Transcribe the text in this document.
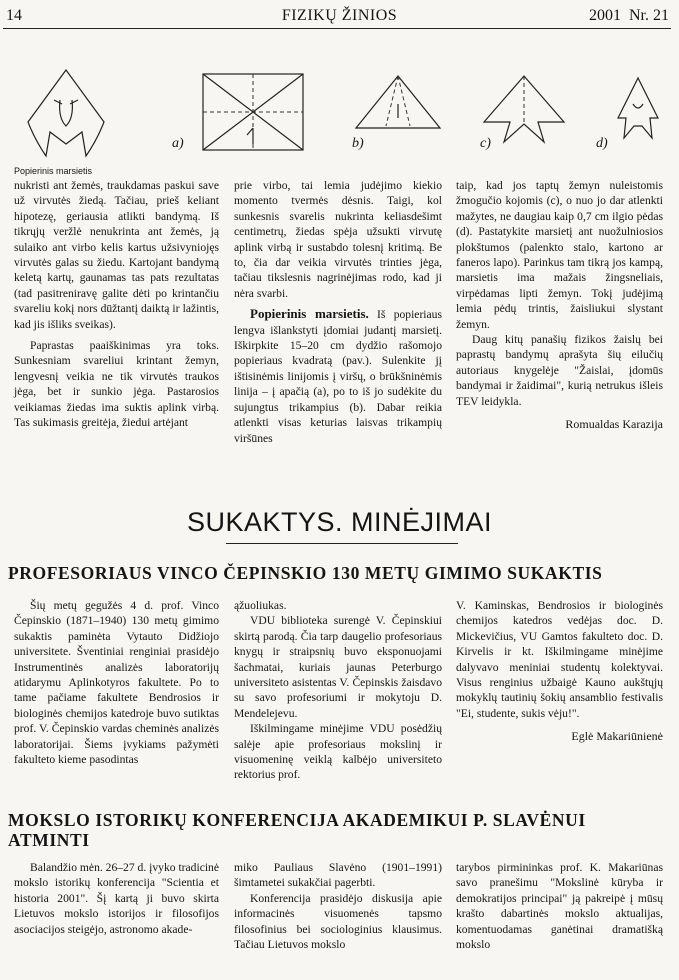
14	FIZIKŲ ŽINIOS	2001  Nr. 21
a)	b)	c)	d)
Popierinis marsietis

nukristi ant žemės, traukdamas paskui save už virvutės žiedą. Tačiau, prieš keliant hipotezę, geriausia atlikti bandymą. Iš tikrųjų veržlė nenukrinta ant žemės, ją sulaiko ant virbo kelis kartus užsivyniojęs virvutės galas su žiedu. Kartojant bandymą keletą kartų, gaunamas tas pats rezultatas (tad pasitreniravę galite dėti po krintančiu svareliu kokį nors dūžtantį daiktą ir lažintis, kad jis išliks sveikas).

Paprastas paaiškinimas yra toks. Sunkesniam svareliui krintant žemyn, lengvesnį veikia ne tik virvutės traukos jėga, bet ir sunkio jėga. Pastarosios veikiamas žiedas ima suktis aplink virbą. Tas sukimasis greitėja, žiedui artėjant

prie virbo, tai lemia judėjimo kiekio momento tvermės dėsnis. Taigi, kol sunkesnis svarelis nukrinta keliasdešimt centimetrų, žiedas spėja užsukti virvutę aplink virbą ir sustabdo tolesnį kritimą. Be to, čia dar veikia virvutės trinties jėga, tačiau tikslesnis nagrinėjimas rodo, kad ji nėra svarbi.

Popierinis marsietis. Iš popieriaus lengva išlankstyti įdomiai judantį marsietį. Iškirpkite 15–20 cm dydžio rašomojo popieriaus kvadratą (pav.). Sulenkite jį ištisinėmis linijomis į viršų, o brūkšninėmis linija – į apačią (a), po to iš jo sudėkite du sujungtus trikampius (b). Dabar reikia atlenkti visas keturias laisvas trikampių viršūnes

taip, kad jos taptų žemyn nuleistomis žmogučio kojomis (c), o nuo jo dar atlenkti mažytes, ne daugiau kaip 0,7 cm ilgio pėdas (d). Pastatykite marsietį ant nuožulniosios plokštumos (palenkto stalo, kartono ar faneros lapo). Parinkus tam tikrą jos kampą, marsietis ima mažais žingsneliais, virpėdamas lipti žemyn. Tokį judėjimą lemia pėdų trintis, žaisliukui slystant žemyn.

Daug kitų panašių fizikos žaislų bei paprastų bandymų aprašyta šių eilučių autoriaus knygelėje "Žaislai, įdomūs bandymai ir žaidimai", kurią netrukus išleis TEV leidykla.

Romualdas Karazija
SUKAKTYS. MINĖJIMAI
PROFESORIAUS VINCO ČEPINSKIO 130 METŲ GIMIMO SUKAKTIS

Šių metų gegužės 4 d. prof. Vinco Čepinskio (1871–1940) 130 metų gimimo sukaktis paminėta Vytauto Didžiojo universitete. Šventiniai renginiai prasidėjo Instrumentinės analizės laboratorijų atidarymu Aplinkotyros fakultete. Po to tame pačiame fakultete Bendrosios ir biologinės chemijos katedroje buvo sutiktas prof. V. Čepinskio vardas cheminės analizės laboratorijai. Šiems įvykiams pažymėti fakulteto kieme pasodintas

ąžuoliukas.

VDU biblioteka surengė V. Čepinskiui skirtą parodą. Čia tarp daugelio profesoriaus knygų ir straipsnių buvo eksponuojami šachmatai, kuriais jaunas Peterburgo universiteto asistentas V. Čepinskis žaisdavo su savo profesoriumi ir mokytoju D. Mendelejevu.

Iškilmingame minėjime VDU posėdžių salėje apie profesoriaus mokslinį ir visuomeninę veiklą kalbėjo universiteto rektorius prof.

V. Kaminskas, Bendrosios ir biologinės chemijos katedros vedėjas doc. D. Mickevičius, VU Gamtos fakulteto doc. D. Kirvelis ir kt. Iškilmingame minėjime dalyvavo meniniai studentų kolektyvai. Visus renginius užbaigė Kauno aukštųjų mokyklų tautinių šokių ansamblio festivalis "Ei, studente, sukis vėju!".

Eglė Makariūnienė
MOKSLO ISTORIKŲ KONFERENCIJA AKADEMIKUI P. SLAVĖNUI ATMINTI

Balandžio mėn. 26–27 d. įvyko tradicinė mokslo istorikų konferencija "Scientia et historia 2001". Šį kartą ji buvo skirta Lietuvos mokslo istorijos ir filosofijos asociacijos steigėjo, astronomo akade-

miko Pauliaus Slavėno (1901–1991) šimtametei sukakčiai pagerbti.

Konferencija prasidėjo diskusija apie informacinės visuomenės tapsmo filosofinius bei sociologinius klausimus. Tačiau Lietuvos mokslo

tarybos pirmininkas prof. K. Makariūnas savo pranešimu "Mokslinė kūryba ir demokratijos principai" ją pakreipė į mūsų krašto dabartinės mokslo aktualijas, komentuodamas ganėtinai dramatišką mokslo
